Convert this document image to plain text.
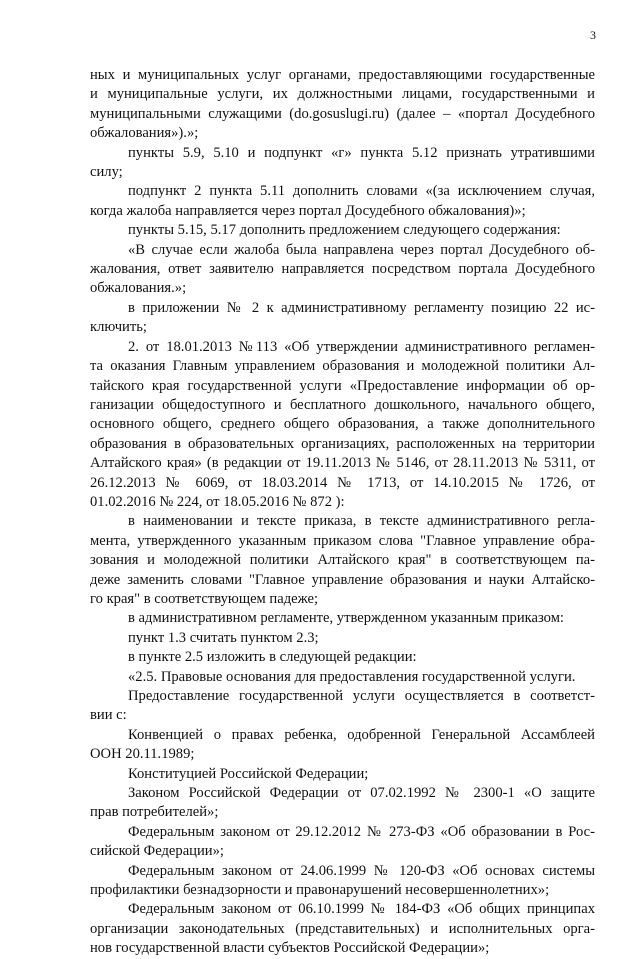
3
ных и муниципальных услуг органами, предоставляющими государственные
и муниципальные услуги, их должностными лицами, государственными и
муниципальными служащими (do.gosuslugi.ru) (далее – «портал Досудебного
обжалования»).»;
пункты 5.9, 5.10 и подпункт «г» пункта 5.12 признать утратившими
силу;
подпункт 2 пункта 5.11 дополнить словами «(за исключением случая,
когда жалоба направляется через портал Досудебного обжалования)»;
пункты 5.15, 5.17 дополнить предложением следующего содержания:
«В случае если жалоба была направлена через портал Досудебного об-
жалования, ответ заявителю направляется посредством портала Досудебного
обжалования.»;
в приложении № 2 к административному регламенту позицию 22 ис-
ключить;
2. от 18.01.2013 №113 «Об утверждении административного регламен-
та оказания Главным управлением образования и молодежной политики Ал-
тайского края государственной услуги «Предоставление информации об ор-
ганизации общедоступного и бесплатного дошкольного, начального общего,
основного общего, среднего общего образования, а также дополнительного
образования в образовательных организациях, расположенных на территории
Алтайского края» (в редакции от 19.11.2013 № 5146, от 28.11.2013 № 5311, от
26.12.2013 № 6069, от 18.03.2014 № 1713, от 14.10.2015 № 1726, от
01.02.2016 № 224, от 18.05.2016 № 872 ):
в наименовании и тексте приказа, в тексте административного регла-
мента, утвержденного указанным приказом слова "Главное управление обра-
зования и молодежной политики Алтайского края" в соответствующем па-
деже заменить словами "Главное управление образования и науки Алтайско-
го края" в соответствующем падеже;
в административном регламенте, утвержденном указанным приказом:
пункт 1.3 считать пунктом 2.3;
в пункте 2.5 изложить в следующей редакции:
«2.5. Правовые основания для предоставления государственной услуги.
Предоставление государственной услуги осуществляется в соответст-
вии с:
Конвенцией о правах ребенка, одобренной Генеральной Ассамблеей
ООН 20.11.1989;
Конституцией Российской Федерации;
Законом Российской Федерации от 07.02.1992 № 2300-1 «О защите
прав потребителей»;
Федеральным законом от 29.12.2012 № 273-ФЗ «Об образовании в Рос-
сийской Федерации»;
Федеральным законом от 24.06.1999 № 120-ФЗ «Об основах системы
профилактики безнадзорности и правонарушений несовершеннолетних»;
Федеральным законом от 06.10.1999 № 184-ФЗ «Об общих принципах
организации законодательных (представительных) и исполнительных орга-
нов государственной власти субъектов Российской Федерации»;
